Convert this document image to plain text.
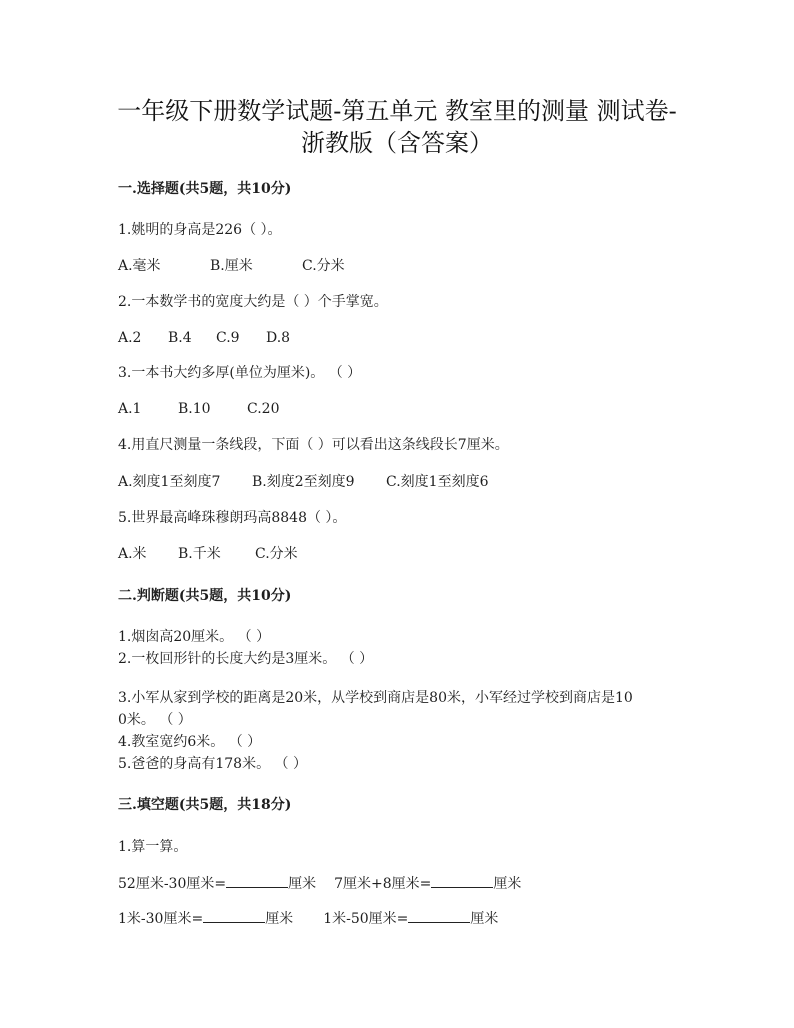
一年级下册数学试题-第五单元 教室里的测量 测试卷-
浙教版（含答案）
一.选择题(共5题，共10分)
1.姚明的身高是226（ ）。
A.毫米	B.厘米	C.分米
2.一本数学书的宽度大约是（ ）个手掌宽。
A.2 B.4 C.9 D.8
3.一本书大约多厚(单位为厘米)。 （ ）
A.1	B.10	C.20
4.用直尺测量一条线段，下面（ ）可以看出这条线段长7厘米。
A.刻度1至刻度7 B.刻度2至刻度9 C.刻度1至刻度6
5.世界最高峰珠穆朗玛高8848（ ）。
A.米 B.千米 C.分米
二.判断题(共5题，共10分)
1.烟囱高20厘米。 （ ）
2.一枚回形针的长度大约是3厘米。 （ ）
3.小军从家到学校的距离是20米，从学校到商店是80米，小军经过学校到商店是10
0米。 （ ）
4.教室宽约6米。 （ ）
5.爸爸的身高有178米。 （ ）
三.填空题(共5题，共18分)
1.算一算。
52厘米-30厘米=	厘米 7厘米+8厘米=	厘米
1米-30厘米=	厘米 1米-50厘米=	厘米
